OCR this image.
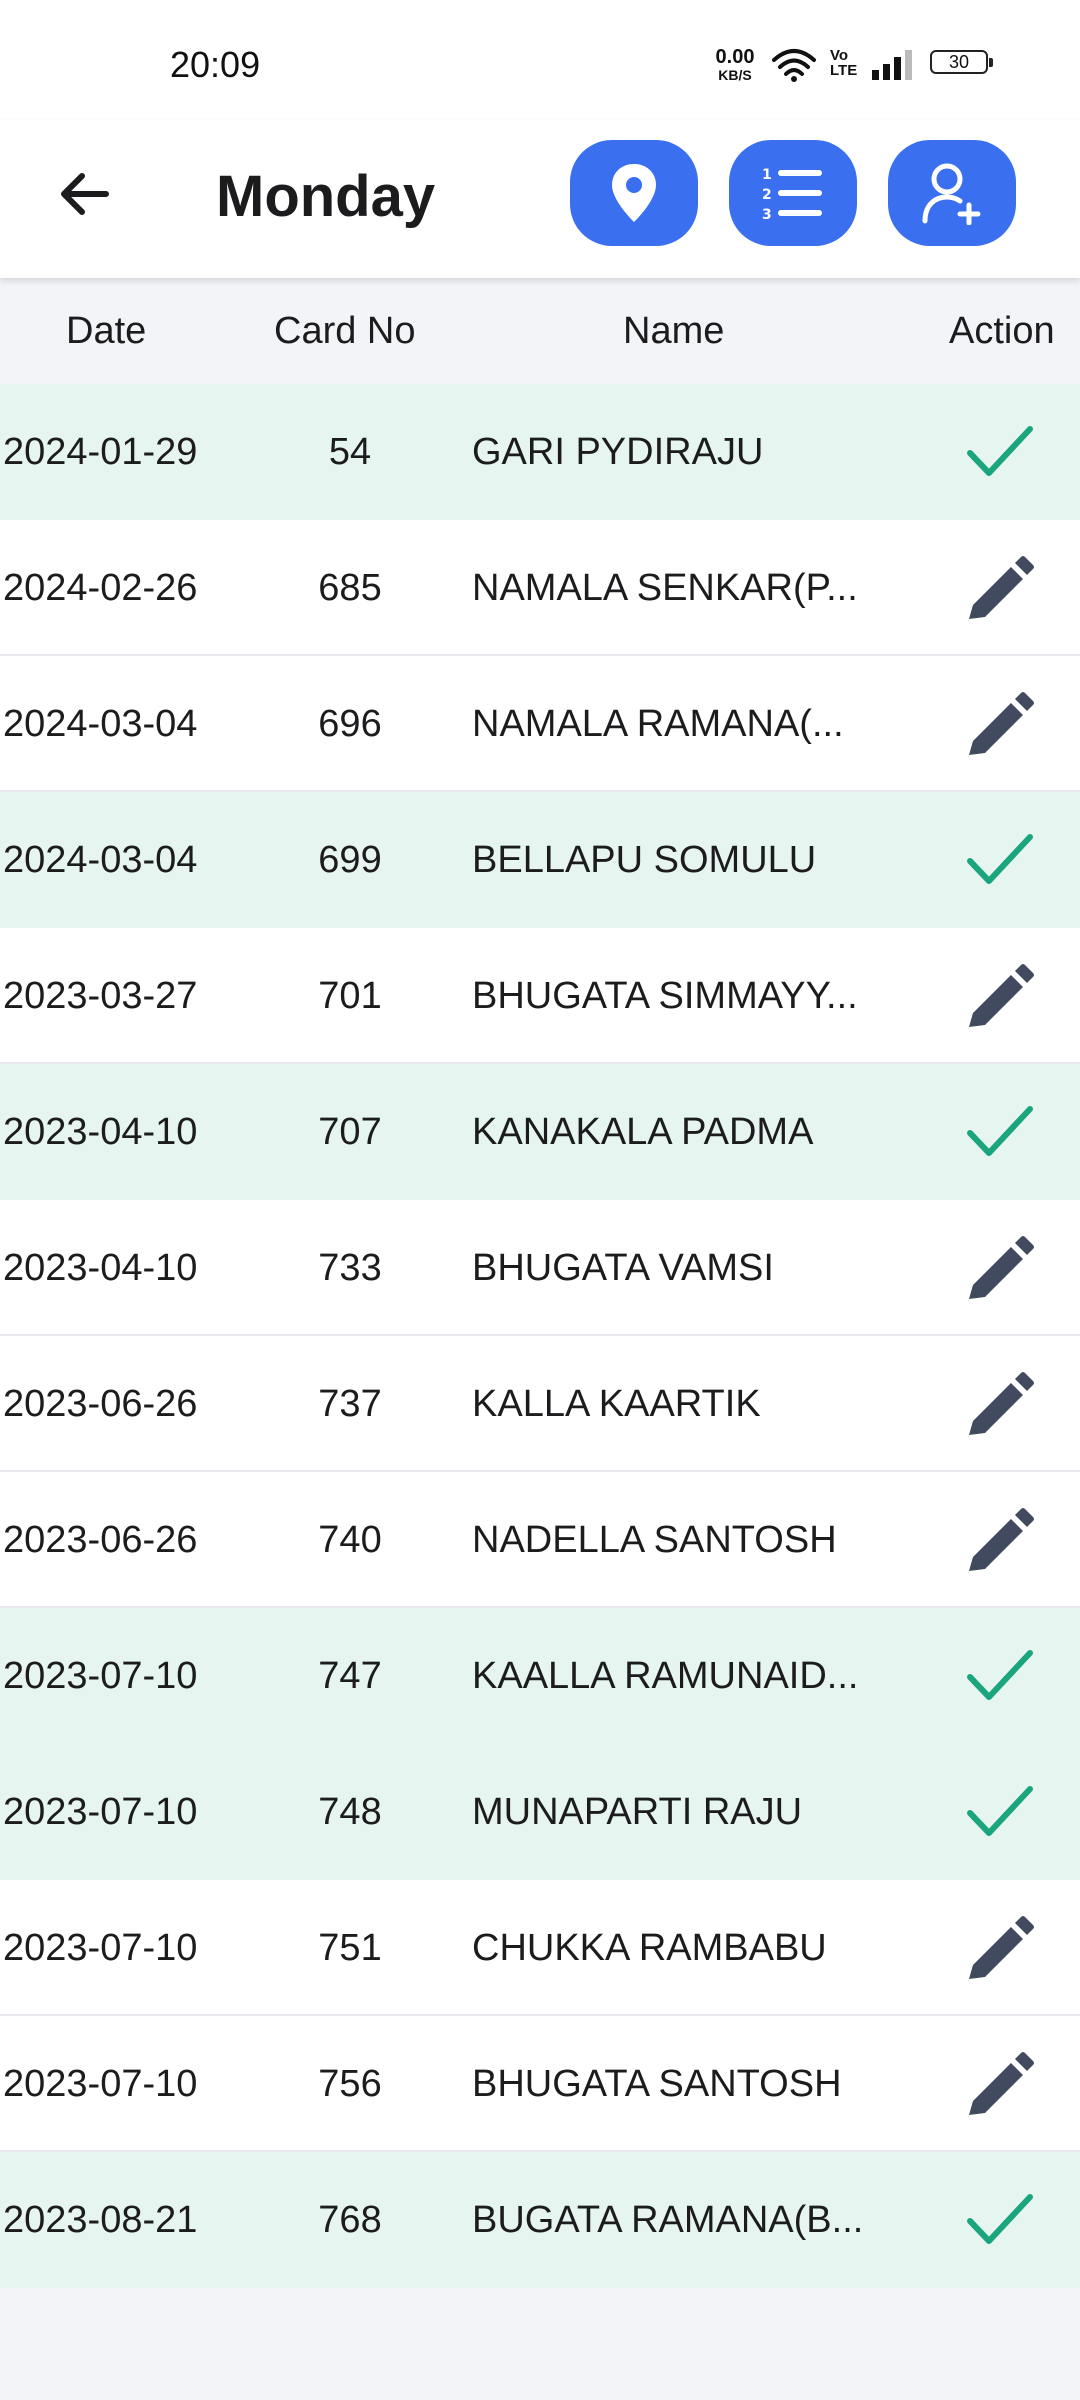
20:09	0.00
KB/S
Vo
LTE	30
Monday	1
2
3
Date	Card No	Name	Action
2024-01-29	54	GARI PYDIRAJU
2024-02-26	685	NAMALA SENKAR(P...
2024-03-04	696	NAMALA RAMANA(...
2024-03-04	699	BELLAPU SOMULU
2023-03-27	701	BHUGATA SIMMAYY...
2023-04-10	707	KANAKALA PADMA
2023-04-10	733	BHUGATA VAMSI
2023-06-26	737	KALLA KAARTIK
2023-06-26	740	NADELLA SANTOSH
2023-07-10	747	KAALLA RAMUNAID...
2023-07-10	748	MUNAPARTI RAJU
2023-07-10	751	CHUKKA RAMBABU
2023-07-10	756	BHUGATA SANTOSH
2023-08-21	768	BUGATA RAMANA(B...
